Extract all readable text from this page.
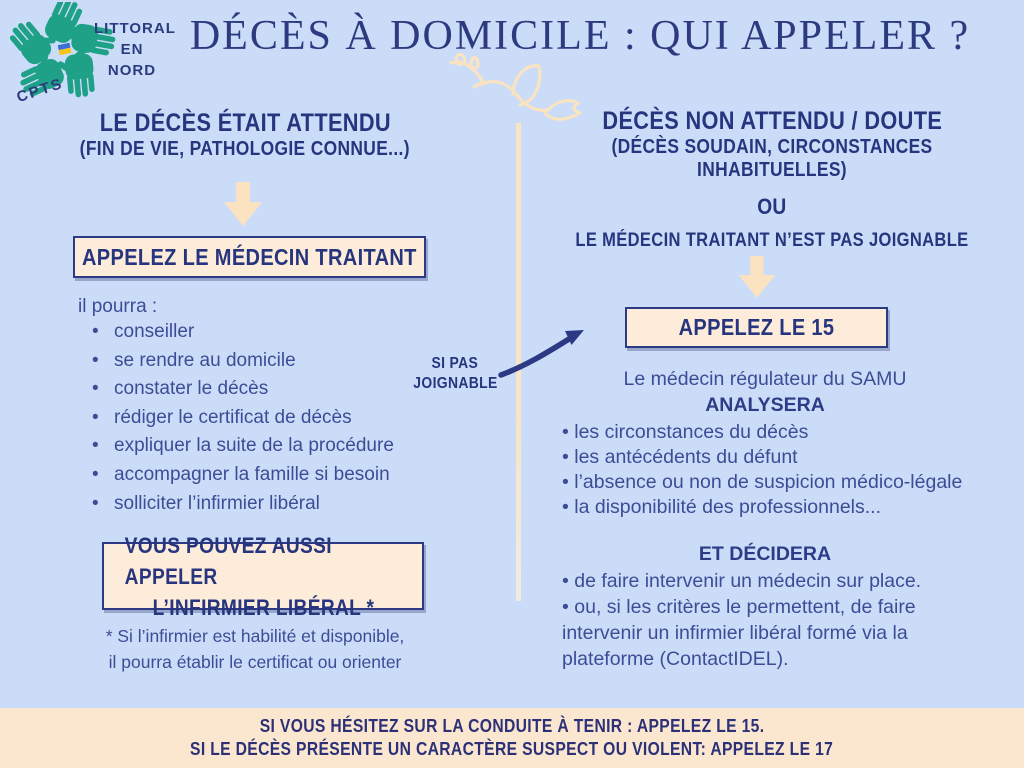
LITTORAL
EN
NORD
CPTS
DÉCÈS À DOMICILE : QUI APPELER ?
LE DÉCÈS ÉTAIT ATTENDU
(FIN DE VIE, PATHOLOGIE CONNUE...)
APPELEZ LE MÉDECIN TRAITANT
il pourra :
• conseiller
• se rendre au domicile
• constater le décès
• rédiger le certificat de décès
• expliquer la suite de la procédure
• accompagner la famille si besoin
• solliciter l’infirmier libéral
VOUS POUVEZ AUSSI APPELER
L’INFIRMIER LIBÉRAL *
* Si l’infirmier est habilité et disponible,
il pourra établir le certificat ou orienter
SI PAS
JOIGNABLE
DÉCÈS NON ATTENDU / DOUTE
(DÉCÈS SOUDAIN, CIRCONSTANCES INHABITUELLES)
OU
LE MÉDECIN TRAITANT N’EST PAS JOIGNABLE
APPELEZ LE 15
Le médecin régulateur du SAMU
ANALYSERA
• les circonstances du décès
• les antécédents du défunt
• l’absence ou non de suspicion médico-légale
• la disponibilité des professionnels...
ET DÉCIDERA
• de faire intervenir un médecin sur place.
• ou, si les critères le permettent, de faire intervenir un infirmier libéral formé via la plateforme (ContactIDEL).
SI VOUS HÉSITEZ SUR LA CONDUITE À TENIR : APPELEZ LE 15.
SI LE DÉCÈS PRÉSENTE UN CARACTÈRE SUSPECT OU VIOLENT: APPELEZ LE 17
